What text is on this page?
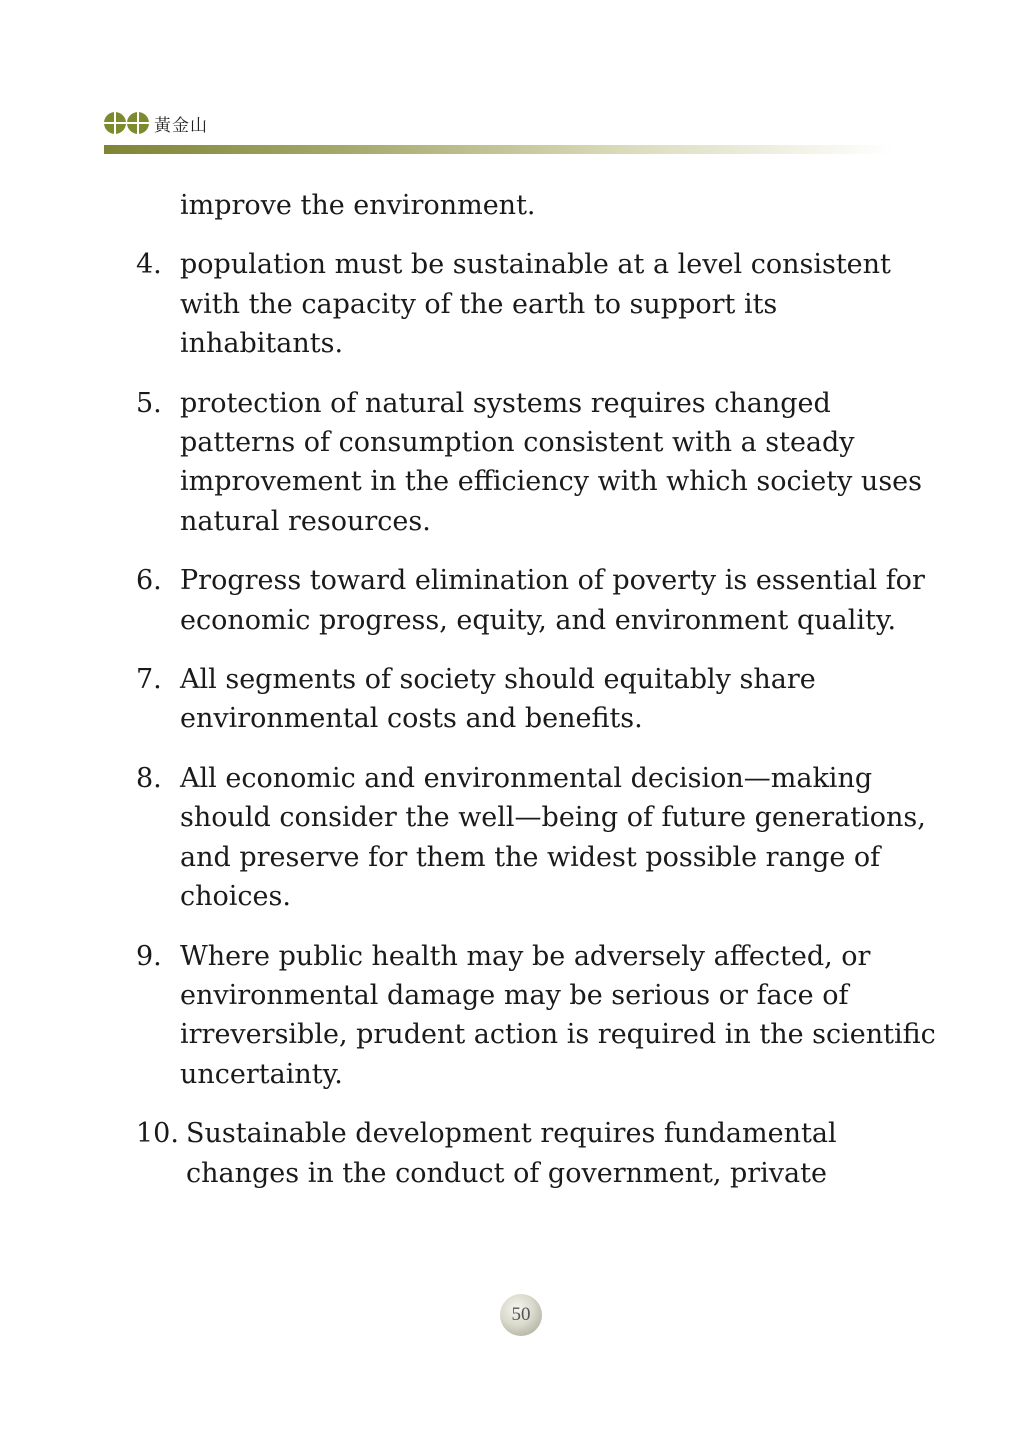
黃金山
improve the environment.
4. population must be sustainable at a level consistent with the capacity of the earth to support its inhabitants.
5. protection of natural systems requires changed patterns of consumption consistent with a steady improvement in the efficiency with which society uses natural resources.
6. Progress toward elimination of poverty is essential for economic progress, equity, and environment quality.
7. All segments of society should equitably share environmental costs and benefits.
8. All economic and environmental decision—making should consider the well—being of future generations, and preserve for them the widest possible range of choices.
9. Where public health may be adversely affected, or environmental damage may be serious or face of irreversible, prudent action is required in the scientific uncertainty.
10. Sustainable development requires fundamental changes in the conduct of government, private
50
